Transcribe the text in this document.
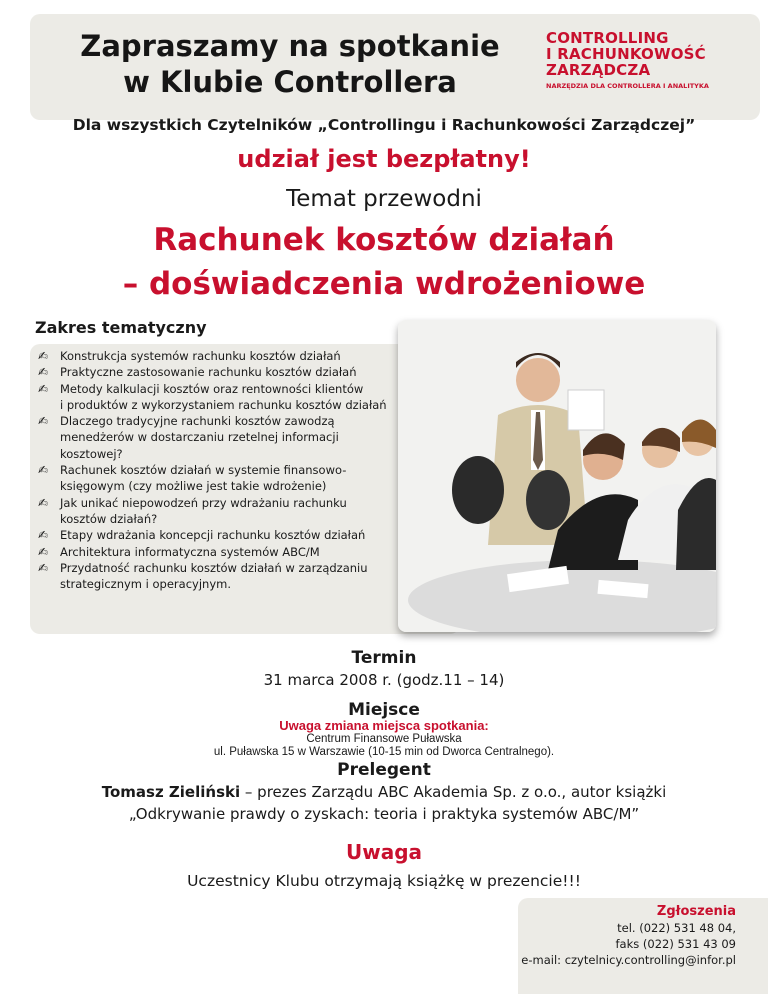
Zapraszamy na spotkanie
w Klubie Controllera
CONTROLLING
I RACHUNKOWOŚĆ
ZARZĄDCZA
NARZĘDZIA DLA CONTROLLERA I ANALITYKA
Dla wszystkich Czytelników „Controllingu i Rachunkowości Zarządczej”
udział jest bezpłatny!
Temat przewodni
Rachunek kosztów działań
– doświadczenia wdrożeniowe
Zakres tematyczny
✍	Konstrukcja systemów rachunku kosztów działań
✍	Praktyczne zastosowanie rachunku kosztów działań
✍	Metody kalkulacji kosztów oraz rentowności klientów
i produktów z wykorzystaniem rachunku kosztów działań
✍	Dlaczego tradycyjne rachunki kosztów zawodzą
menedżerów w dostarczaniu rzetelnej informacji
kosztowej?
✍	Rachunek kosztów działań w systemie finansowo-
księgowym (czy możliwe jest takie wdrożenie)
✍	Jak unikać niepowodzeń przy wdrażaniu rachunku
kosztów działań?
✍	Etapy wdrażania koncepcji rachunku kosztów działań
✍	Architektura informatyczna systemów ABC/M
✍	Przydatność rachunku kosztów działań w zarządzaniu
strategicznym i operacyjnym.
Termin
31 marca 2008 r. (godz.11 – 14)
Miejsce
Uwaga zmiana miejsca spotkania:
Centrum Finansowe Puławska
ul. Puławska 15 w Warszawie (10-15 min od Dworca Centralnego).
Prelegent
Tomasz Zieliński – prezes Zarządu ABC Akademia Sp. z o.o., autor książki
„Odkrywanie prawdy o zyskach: teoria i praktyka systemów ABC/M”
Uwaga
Uczestnicy Klubu otrzymają książkę w prezencie!!!
Zgłoszenia
tel. (022) 531 48 04,
faks (022) 531 43 09
e-mail: czytelnicy.controlling@infor.pl
